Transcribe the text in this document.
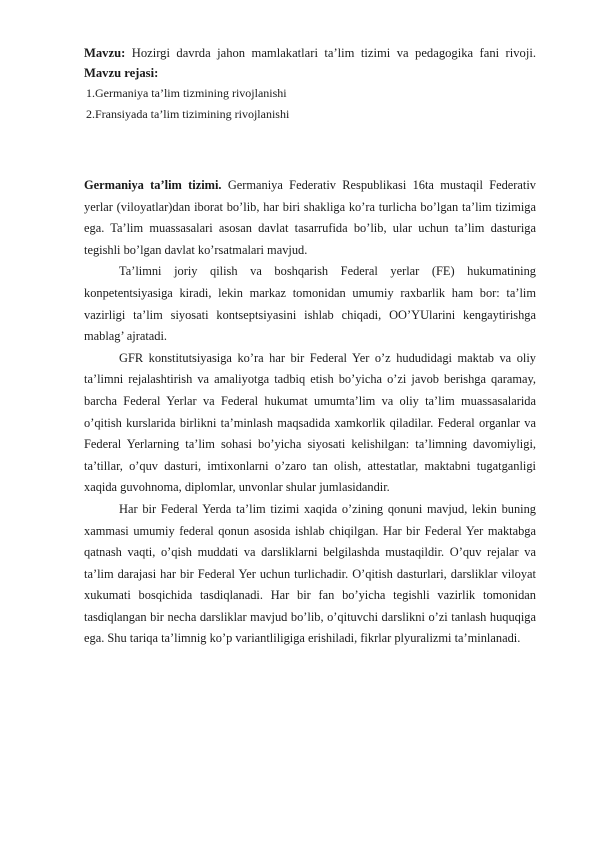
Mavzu: Hozirgi davrda jahon mamlakatlari ta’lim tizimi va pedagogika fani rivoji.

Mavzu rejasi:

1.Germaniya ta’lim tizmining rivojlanishi

2.Fransiyada ta’lim tizimining rivojlanishi

Germaniya ta’lim tizimi. Germaniya Federativ Respublikasi 16ta mustaqil Federativ yerlar (viloyatlar)dan iborat bo’lib, har biri shakliga ko’ra turlicha bo’lgan ta’lim tizimiga ega. Ta’lim muassasalari asosan davlat tasarrufida bo’lib, ular uchun ta’lim dasturiga tegishli bo’lgan davlat ko’rsatmalari mavjud.

Ta’limni joriy qilish va boshqarish Federal yerlar (FE) hukumatining konpetentsiyasiga kiradi, lekin markaz tomonidan umumiy raxbarlik ham bor: ta’lim vazirligi ta’lim siyosati kontseptsiyasini ishlab chiqadi, OO’YUlarini kengaytirishga mablag’ ajratadi.

GFR konstitutsiyasiga ko’ra har bir Federal Yer o’z hududidagi maktab va oliy ta’limni rejalashtirish va amaliyotga tadbiq etish bo’yicha o’zi javob berishga qaramay, barcha Federal Yerlar va Federal hukumat umumta’lim va oliy ta’lim muassasalarida o’qitish kurslarida birlikni ta’minlash maqsadida xamkorlik qiladilar. Federal organlar va Federal Yerlarning ta’lim sohasi bo’yicha siyosati kelishilgan: ta’limning davomiyligi, ta’tillar, o’quv dasturi, imtixonlarni o’zaro tan olish, attestatlar, maktabni tugatganligi xaqida guvohnoma, diplomlar, unvonlar shular jumlasidandir.

Har bir Federal Yerda ta’lim tizimi xaqida o’zining qonuni mavjud, lekin buning xammasi umumiy federal qonun asosida ishlab chiqilgan. Har bir Federal Yer maktabga qatnash vaqti, o’qish muddati va darsliklarni belgilashda mustaqildir. O’quv rejalar va ta’lim darajasi har bir Federal Yer uchun turlichadir. O’qitish dasturlari, darsliklar viloyat xukumati bosqichida tasdiqlanadi. Har bir fan bo’yicha tegishli vazirlik tomonidan tasdiqlangan bir necha darsliklar mavjud bo’lib, o’qituvchi darslikni o’zi tanlash huquqiga ega. Shu tariqa ta’limnig ko’p variantliligiga erishiladi, fikrlar plyuralizmi ta’minlanadi.
